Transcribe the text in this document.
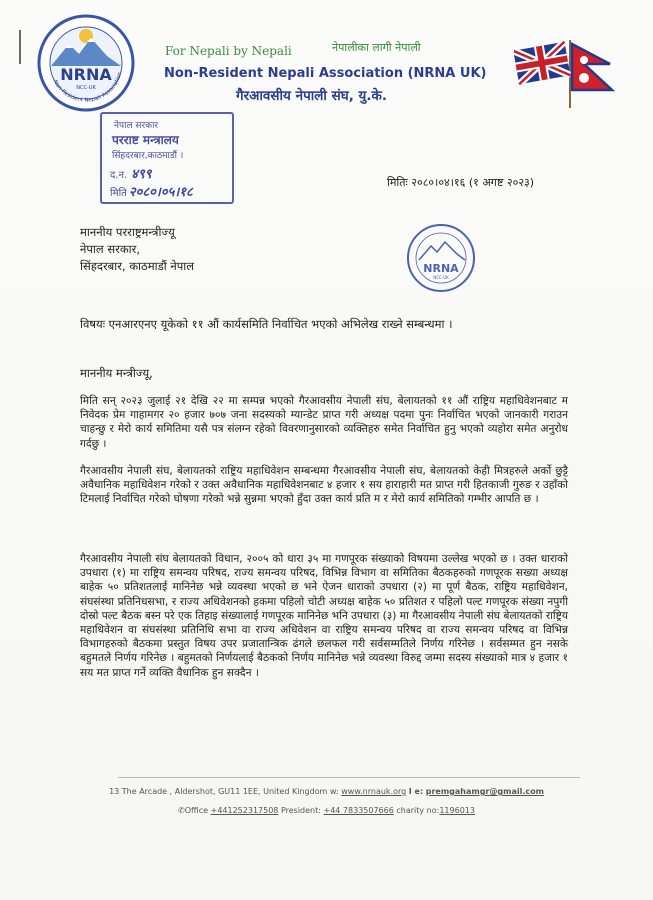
NRNA
NCC-UK
Non-Resident Nepali Association
For Nepali by Nepali	नेपालीका लागी नेपाली
Non-Resident Nepali Association (NRNA UK)
गैरआवसीय नेपाली संघ, यु.के.
नेपाल सरकार
परराष्ट मन्त्रालय
सिंहदरबार,काठमाडौं ।
द.न. ४९९
मिति २०८०।०५।१८
मितिः २०८०।०४।१६ (१ अगष्ट २०२३)
माननीय परराष्ट्रमन्त्रीज्यू
नेपाल सरकार,
सिंहदरबार, काठमाडौं नेपाल	NRNA
NCC-UK
विषयः एनआरएनए यूकेको ११ औं कार्यसमिति निर्वाचित भएको अभिलेख राख्ने सम्बन्धमा ।
माननीय मन्त्रीज्यू,
मिति सन् २०२३ जुलाई २१ देखि २२ मा सम्पन्न भएको गैरआवसीय नेपाली संघ, बेलायतको ११ औं राष्ट्रिय महाधिवेशनबाट म निवेदक प्रेम गाहामगर २० हजार ७०७ जना सदस्यको म्यान्डेट प्राप्त गरी अध्यक्ष पदमा पुनः निर्वाचित भएको जानकारी गराउन चाहन्छु र मेरो कार्य समितिमा यसै पत्र संलग्न रहेको विवरणानुसारको व्यक्तिहरु समेत निर्वाचित हुनु भएको व्यहोरा समेत अनुरोध गर्दछु ।
गैरआवसीय नेपाली संघ, बेलायतको राष्ट्रिय महाधिवेशन सम्बन्धमा गैरआवसीय नेपाली संघ, बेलायतको केही मित्रहरुले अर्को छुट्टै अवैधानिक महाधिवेशन गरेको र उक्त अवैधानिक महाधिवेशनबाट ४ हजार १ सय हाराहारी मत प्राप्त गरी हितकाजी गुरुङ र उहाँको टिमलाई निर्वाचित गरेको घोषणा गरेको भन्ने सुन्नमा भएको हुँदा उक्त कार्य प्रति म र मेरो कार्य समितिको गम्भीर आपति छ ।
गैरआवसीय नेपाली संघ बेलायतको विधान, २००५ को धारा ३५ मा गणपूरक संख्याको विषयमा उल्लेख भएको छ । उक्त धाराको उपधारा (१) मा राष्ट्रिय समन्वय परिषद, राज्य समन्वय परिषद, विभिन्न विभाग वा समितिका बैठकहरुको गणपूरक सख्या अध्यक्ष बाहेक ५० प्रतिशतलाई मानिनेछ भन्ने व्यवस्था भएको छ भने ऐजन धाराको उपधारा (२) मा पूर्ण बैठक, राष्ट्रिय महाधिवेशन, संघसंस्था प्रतिनिधसभा, र राज्य अधिवेशनको हकमा पहिलो चोटी अध्यक्ष बाहेक ५० प्रतिशत र पहिलो पल्ट गणपूरक संख्या नपुगी दोस्रो पल्ट बैठक बस्न परे एक तिहाइ संख्यालाई गणपूरक मानिनेछ भनि उपधारा (३) मा गैरआवसीय नेपाली संघ बेलायतको राष्ट्रिय महाधिवेशन वा संघसंस्था प्रतिनिधि सभा वा राज्य अधिवेशन वा राष्ट्रिय समन्वय परिषद वा राज्य समन्वय परिषद वा विभिन्न विभागहरुको बैठकमा प्रस्तुत विषय उपर प्रजातान्त्रिक ढंगले छलफल गरी सर्वसम्मतिले निर्णय गरिनेछ । सर्वसम्मत हुन नसके बहुमतले निर्णय गरिनेछ । बहुमतको निर्णयलाई बैठकको निर्णय मानिनेछ भन्ने व्यवस्था विरुद्द जम्मा सदस्य संख्याको मात्र ४ हजार १ सय मत प्राप्त गर्ने व्यक्ति वैधानिक हुन सक्दैन ।
13 The Arcade , Aldershot, GU11 1EE, United Kingdom w: www.nrnauk.org I e: premgahamgr@gmail.com
✆Office +441252317508 President: +44 7833507666 charity no:1196013
